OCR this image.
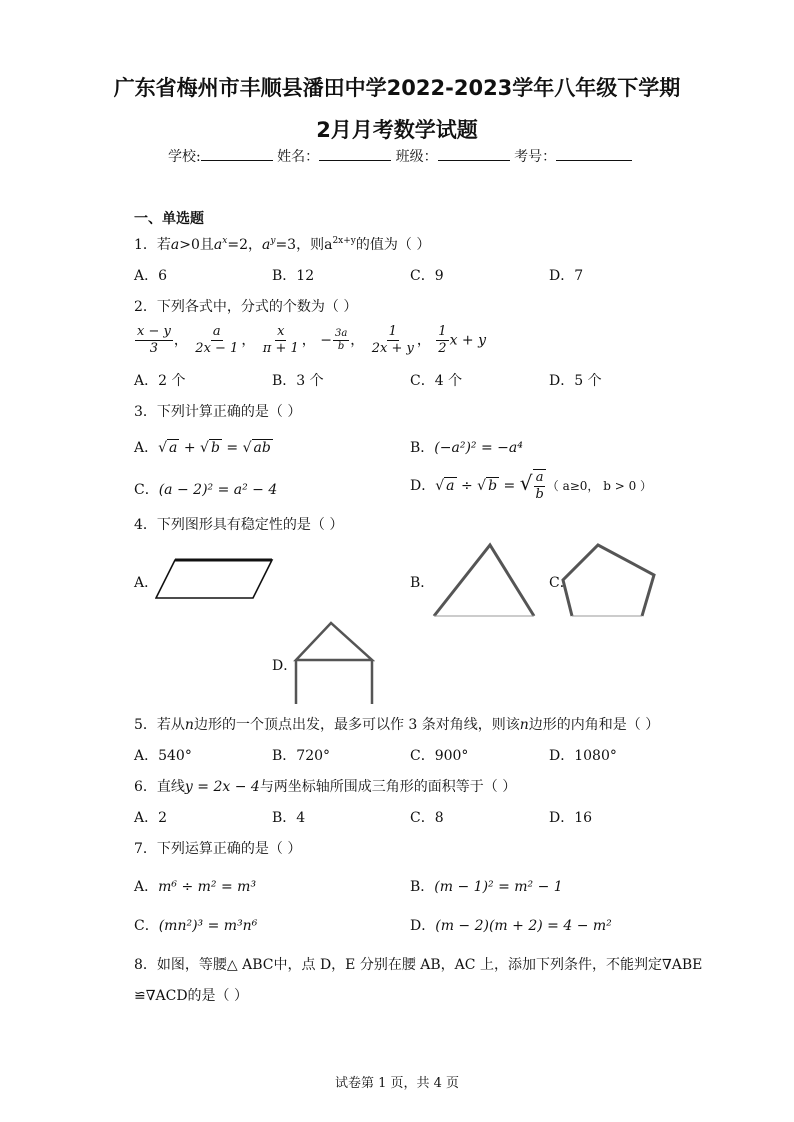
广东省梅州市丰顺县潘田中学2022-2023学年八年级下学期
2月月考数学试题
学校:	姓名：	班级：	考号：
一、单选题
1．若a>0且$a^x=2$，$a^y=3$，则$a^{2x+y}$的值为（ ）
A．6	B．12	C．9	D．7
2．下列各式中，分式的个数为（ ）
$\frac{x - y}{3}$ ， $\frac{a}{2x - 1}$ ， $\frac{x}{\pi + 1}$ ， − $\frac{3a}{b}$ ， $\frac{1}{2x + y}$ ， $\frac{1}{2}$ x + y
A．2 个	B．3 个	C．4 个	D．5 个
3．下列计算正确的是（ ）
A．√ a + √ b = √ ab	B．(−a²)² = −a⁴
C．(a − 2)² = a² − 4	D．√ a ÷ √ b = √ $\frac{a}{b}$ （ a≥0， b > 0 ）
4．下列图形具有稳定性的是（ ）
A．	B．	C．
D．
5．若从n边形的一个顶点出发，最多可以作 3 条对角线，则该n边形的内角和是（ ）
A．540°	B．720°	C．900°	D．1080°
6．直线y = 2x − 4与两坐标轴所围成三角形的面积等于（ ）
A．2	B．4	C．8	D．16
7．下列运算正确的是（ ）
A．m⁶ ÷ m² = m³	B．(m − 1)² = m² − 1
C．(mn²)³ = m³n⁶	D．(m − 2)(m + 2) = 4 − m²
8．如图，等腰△ ABC中，点 D，E 分别在腰 AB，AC 上，添加下列条件，不能判定∇ABE
≌∇ACD的是（ ）
试卷第 1 页，共 4 页
